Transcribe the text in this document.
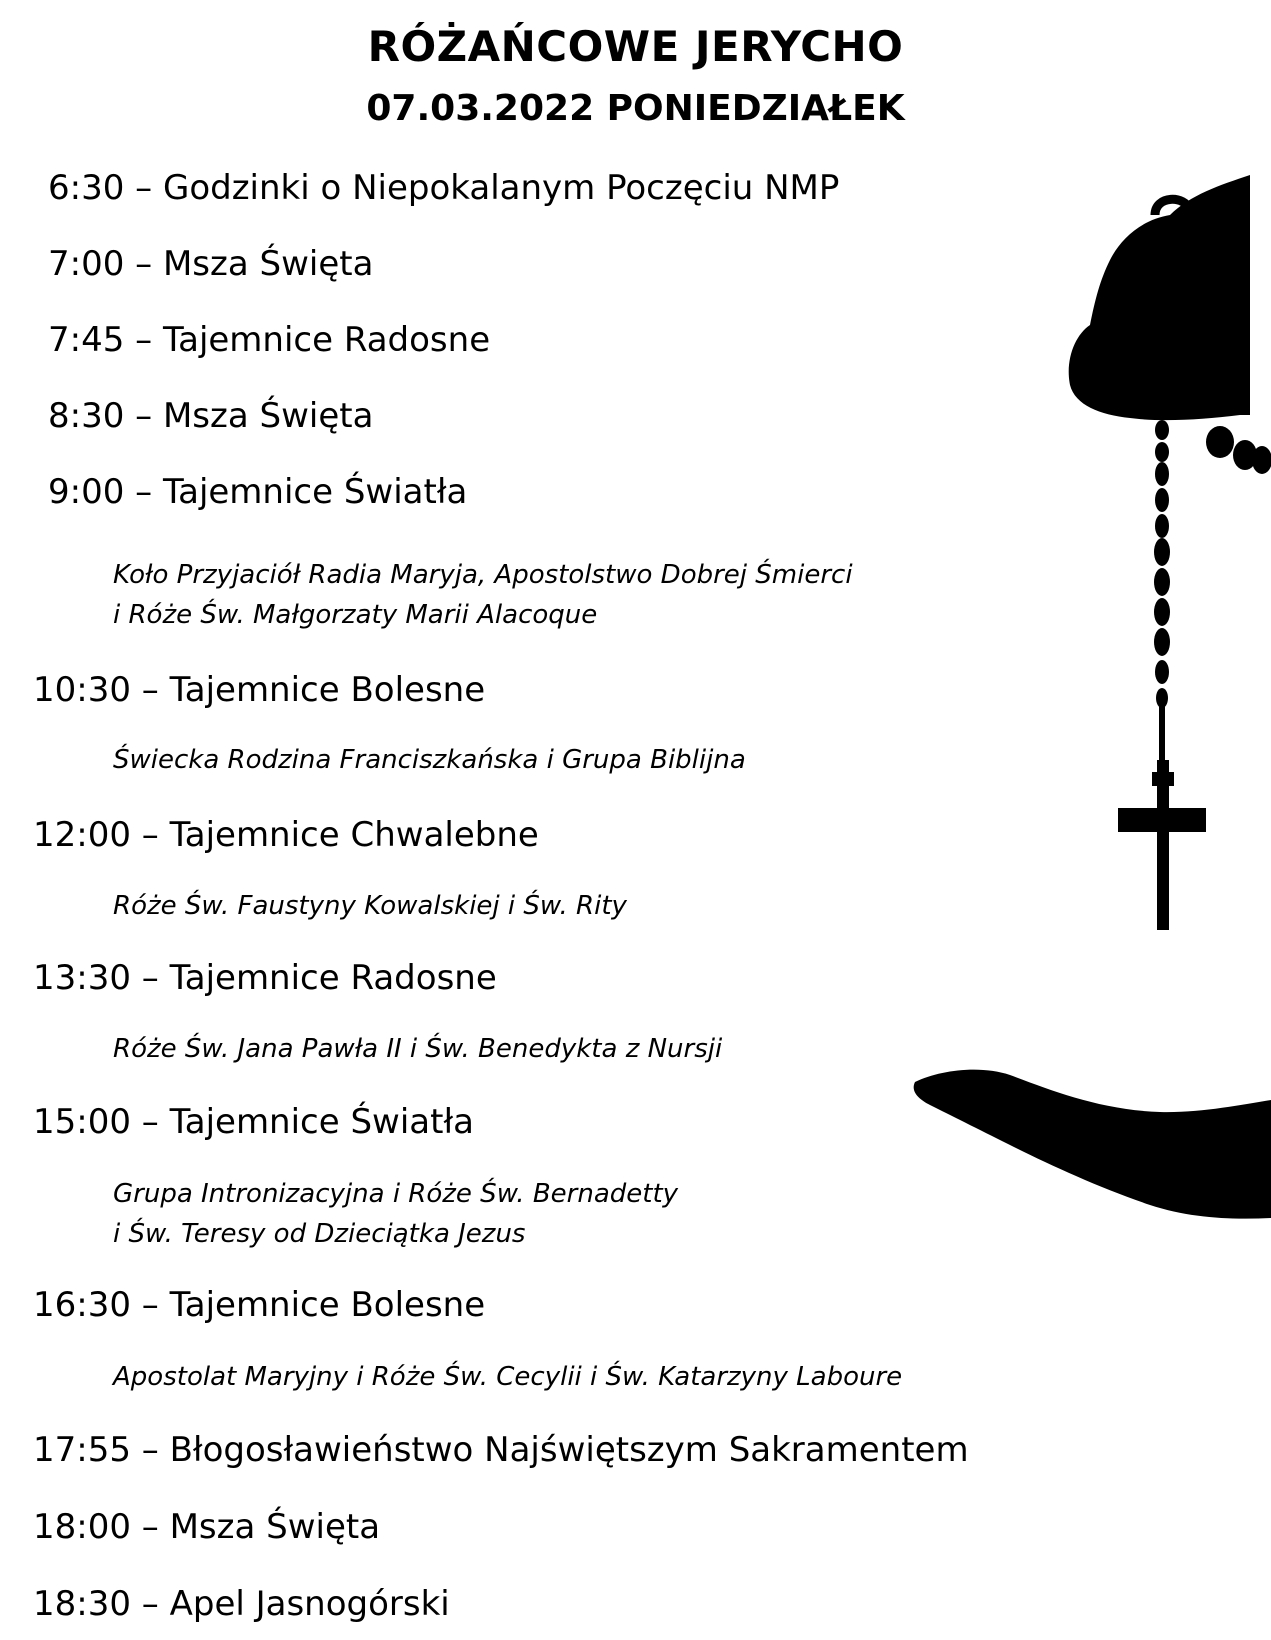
RÓŻAŃCOWE JERYCHO
07.03.2022 PONIEDZIAŁEK
6:30 – Godzinki o Niepokalanym Poczęciu NMP
7:00 – Msza Święta
7:45 – Tajemnice Radosne
8:30 – Msza Święta
9:00 – Tajemnice Światła
Koło Przyjaciół Radia Maryja, Apostolstwo Dobrej Śmierci
i Róże Św. Małgorzaty Marii Alacoque
10:30 – Tajemnice Bolesne
Świecka Rodzina Franciszkańska i Grupa Biblijna
12:00 – Tajemnice Chwalebne
Róże Św. Faustyny Kowalskiej i Św. Rity
13:30 – Tajemnice Radosne
Róże Św. Jana Pawła II i Św. Benedykta z Nursji
15:00 – Tajemnice Światła
Grupa Intronizacyjna i Róże Św. Bernadetty
i Św. Teresy od Dzieciątka Jezus
16:30 – Tajemnice Bolesne
Apostolat Maryjny i Róże Św. Cecylii i Św. Katarzyny Laboure
17:55 – Błogosławieństwo Najświętszym Sakramentem
18:00 – Msza Święta
18:30 – Apel Jasnogórski
